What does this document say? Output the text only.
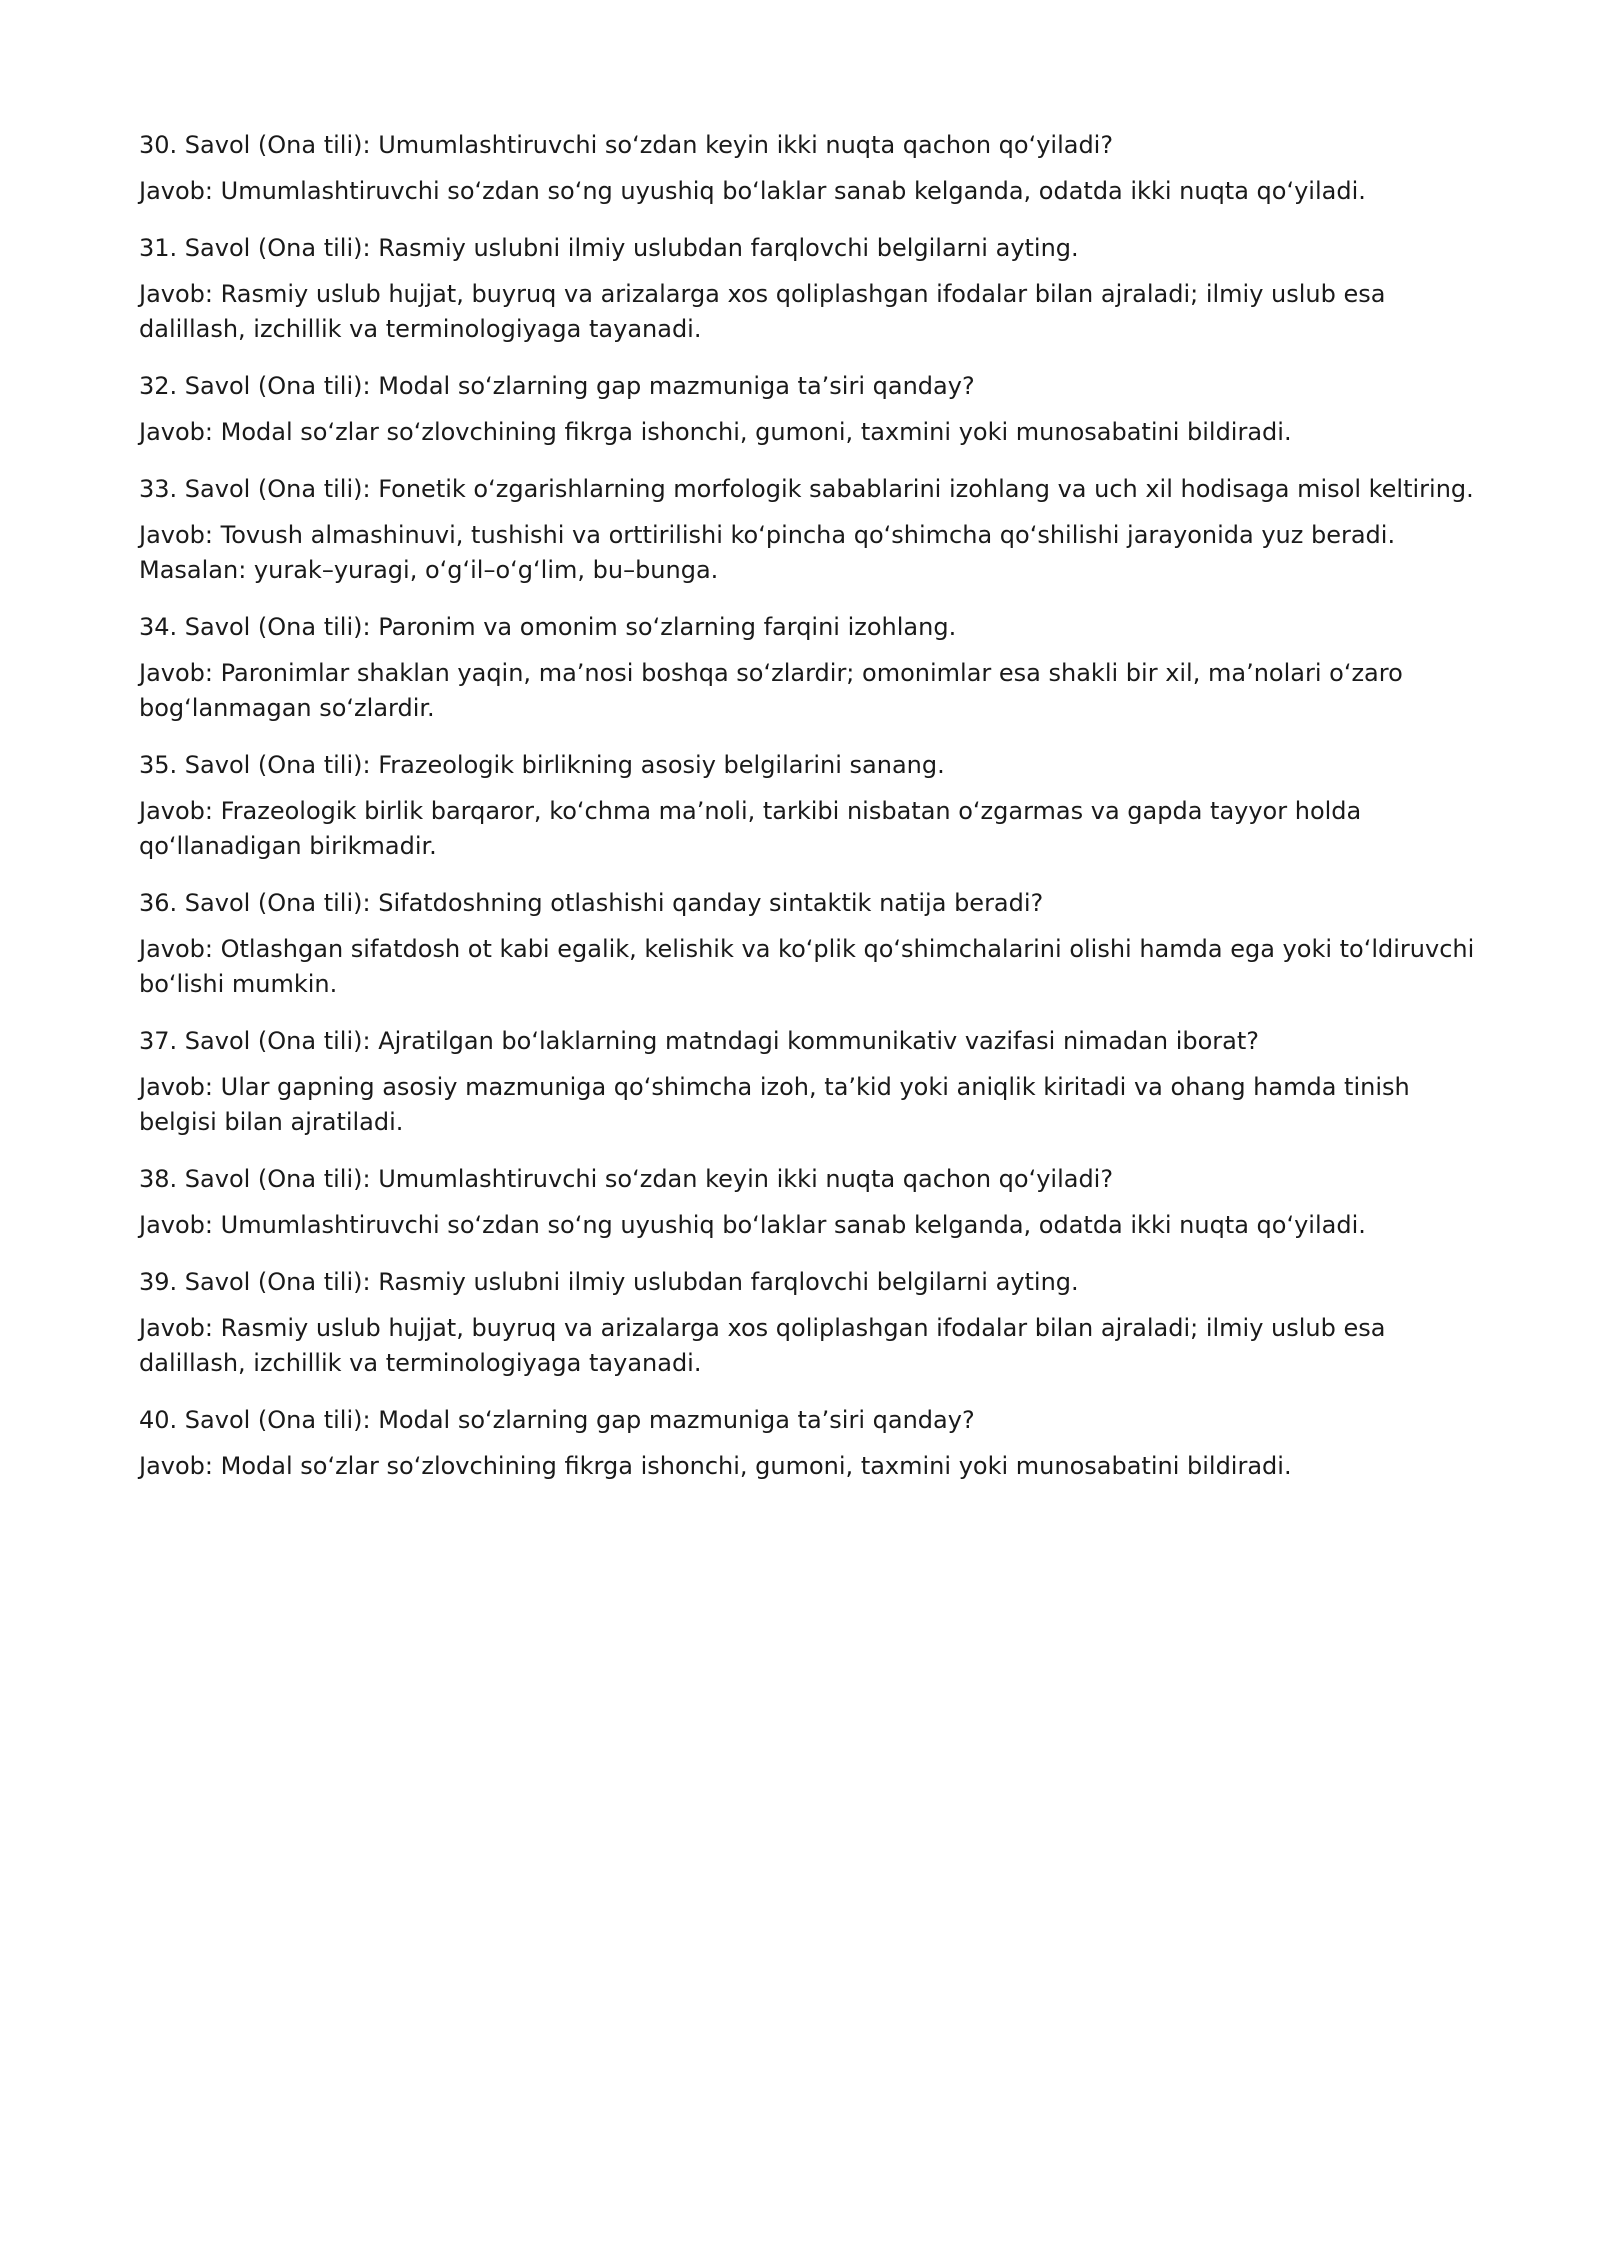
30. Savol (Ona tili): Umumlashtiruvchi so‘zdan keyin ikki nuqta qachon qo‘yiladi?

Javob: Umumlashtiruvchi so‘zdan so‘ng uyushiq bo‘laklar sanab kelganda, odatda ikki nuqta qo‘yiladi.

31. Savol (Ona tili): Rasmiy uslubni ilmiy uslubdan farqlovchi belgilarni ayting.

Javob: Rasmiy uslub hujjat, buyruq va arizalarga xos qoliplashgan ifodalar bilan ajraladi; ilmiy uslub esa dalillash, izchillik va terminologiyaga tayanadi.

32. Savol (Ona tili): Modal so‘zlarning gap mazmuniga ta’siri qanday?

Javob: Modal so‘zlar so‘zlovchining fikrga ishonchi, gumoni, taxmini yoki munosabatini bildiradi.

33. Savol (Ona tili): Fonetik o‘zgarishlarning morfologik sabablarini izohlang va uch xil hodisaga misol keltiring.

Javob: Tovush almashinuvi, tushishi va orttirilishi ko‘pincha qo‘shimcha qo‘shilishi jarayonida yuz beradi. Masalan: yurak–yuragi, o‘g‘il–o‘g‘lim, bu–bunga.

34. Savol (Ona tili): Paronim va omonim so‘zlarning farqini izohlang.

Javob: Paronimlar shaklan yaqin, ma’nosi boshqa so‘zlardir; omonimlar esa shakli bir xil, ma’nolari o‘zaro bog‘lanmagan so‘zlardir.

35. Savol (Ona tili): Frazeologik birlikning asosiy belgilarini sanang.

Javob: Frazeologik birlik barqaror, ko‘chma ma’noli, tarkibi nisbatan o‘zgarmas va gapda tayyor holda qo‘llanadigan birikmadir.

36. Savol (Ona tili): Sifatdoshning otlashishi qanday sintaktik natija beradi?

Javob: Otlashgan sifatdosh ot kabi egalik, kelishik va ko‘plik qo‘shimchalarini olishi hamda ega yoki to‘ldiruvchi bo‘lishi mumkin.

37. Savol (Ona tili): Ajratilgan bo‘laklarning matndagi kommunikativ vazifasi nimadan iborat?

Javob: Ular gapning asosiy mazmuniga qo‘shimcha izoh, ta’kid yoki aniqlik kiritadi va ohang hamda tinish belgisi bilan ajratiladi.

38. Savol (Ona tili): Umumlashtiruvchi so‘zdan keyin ikki nuqta qachon qo‘yiladi?

Javob: Umumlashtiruvchi so‘zdan so‘ng uyushiq bo‘laklar sanab kelganda, odatda ikki nuqta qo‘yiladi.

39. Savol (Ona tili): Rasmiy uslubni ilmiy uslubdan farqlovchi belgilarni ayting.

Javob: Rasmiy uslub hujjat, buyruq va arizalarga xos qoliplashgan ifodalar bilan ajraladi; ilmiy uslub esa dalillash, izchillik va terminologiyaga tayanadi.

40. Savol (Ona tili): Modal so‘zlarning gap mazmuniga ta’siri qanday?

Javob: Modal so‘zlar so‘zlovchining fikrga ishonchi, gumoni, taxmini yoki munosabatini bildiradi.
